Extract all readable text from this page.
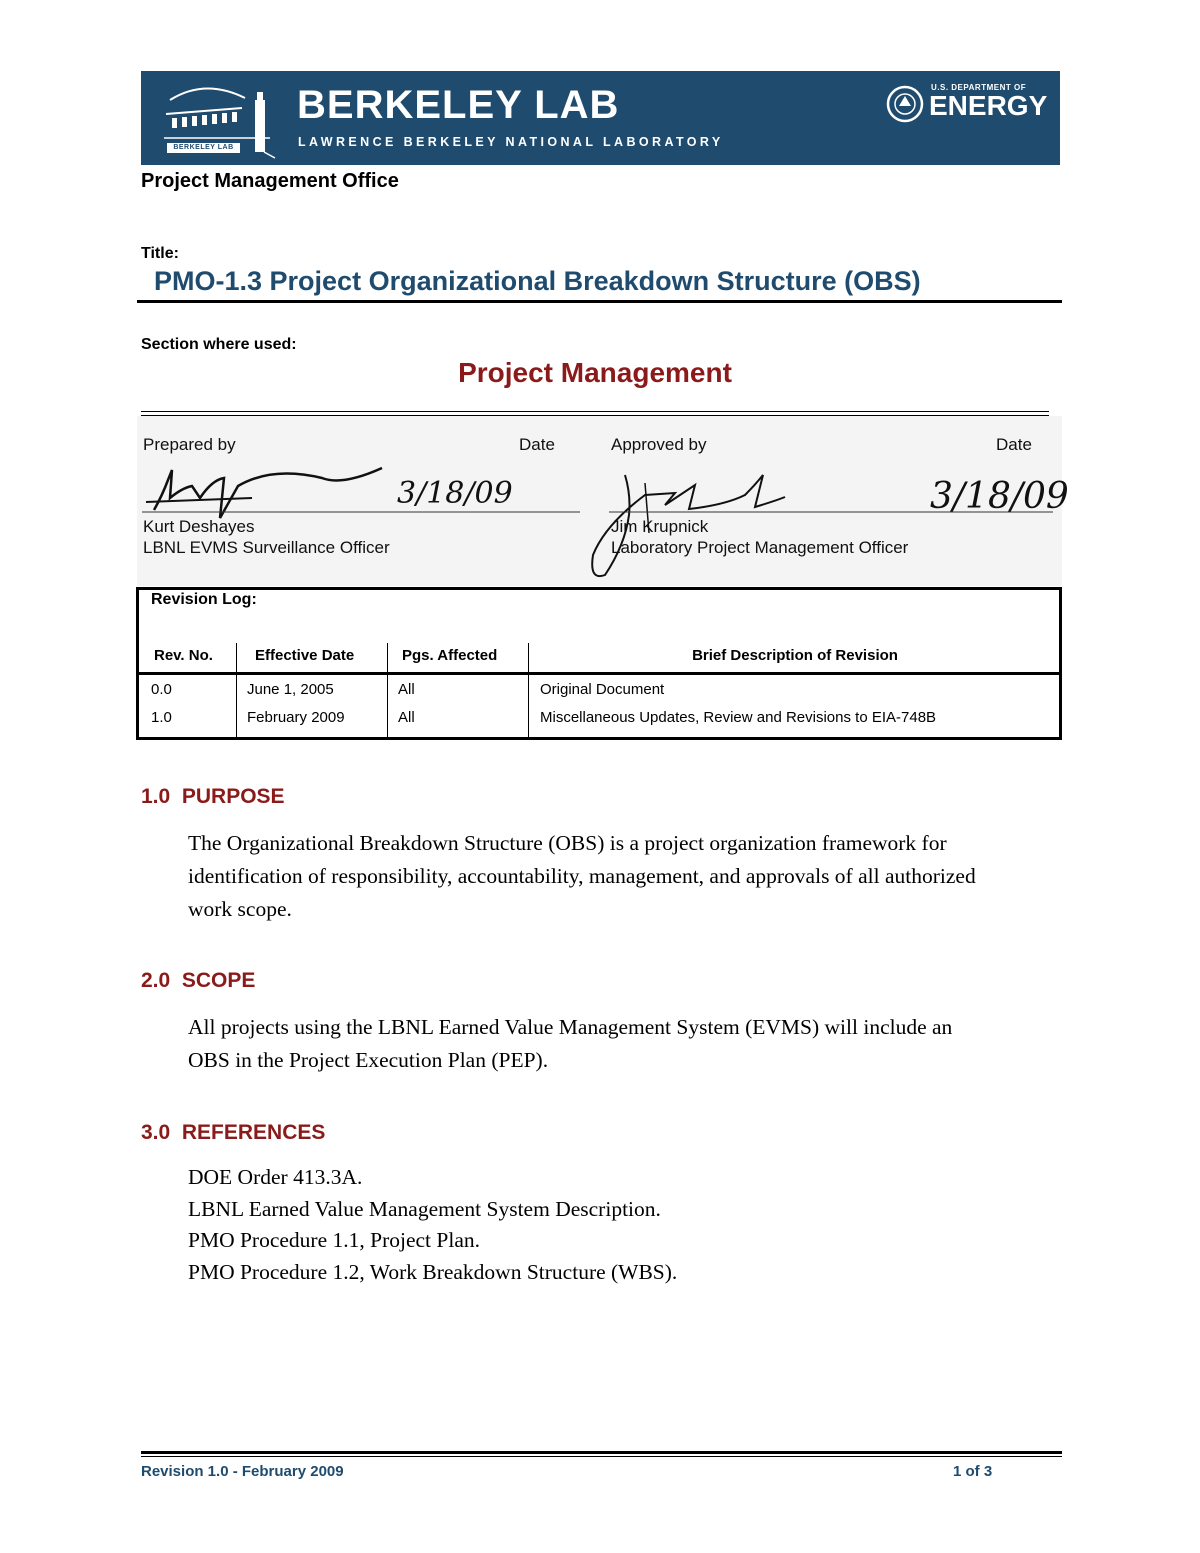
BERKELEY LAB
BERKELEY LAB
LAWRENCE BERKELEY NATIONAL LABORATORY
U.S. DEPARTMENT OF
ENERGY
Project Management Office
Title:
PMO-1.3 Project Organizational Breakdown Structure (OBS)
Section where used:
Project Management
Prepared by	Date
3/18/09
Kurt Deshayes
LBNL EVMS Surveillance Officer
Approved by	Date
3/18/09
Jim Krupnick
Laboratory Project Management Officer
Revision Log:
Rev. No.	Effective Date	Pgs. Affected	Brief Description of Revision
0.0	June 1, 2005	All	Original Document
1.0	February 2009	All	Miscellaneous Updates, Review and Revisions to EIA-748B
1.0 PURPOSE
The Organizational Breakdown Structure (OBS) is a project organization framework for
identification of responsibility, accountability, management, and approvals of all authorized
work scope.
2.0 SCOPE
All projects using the LBNL Earned Value Management System (EVMS) will include an
OBS in the Project Execution Plan (PEP).
3.0 REFERENCES
DOE Order 413.3A.
LBNL Earned Value Management System Description.
PMO Procedure 1.1, Project Plan.
PMO Procedure 1.2, Work Breakdown Structure (WBS).
Revision 1.0 - February 2009	1 of 3
